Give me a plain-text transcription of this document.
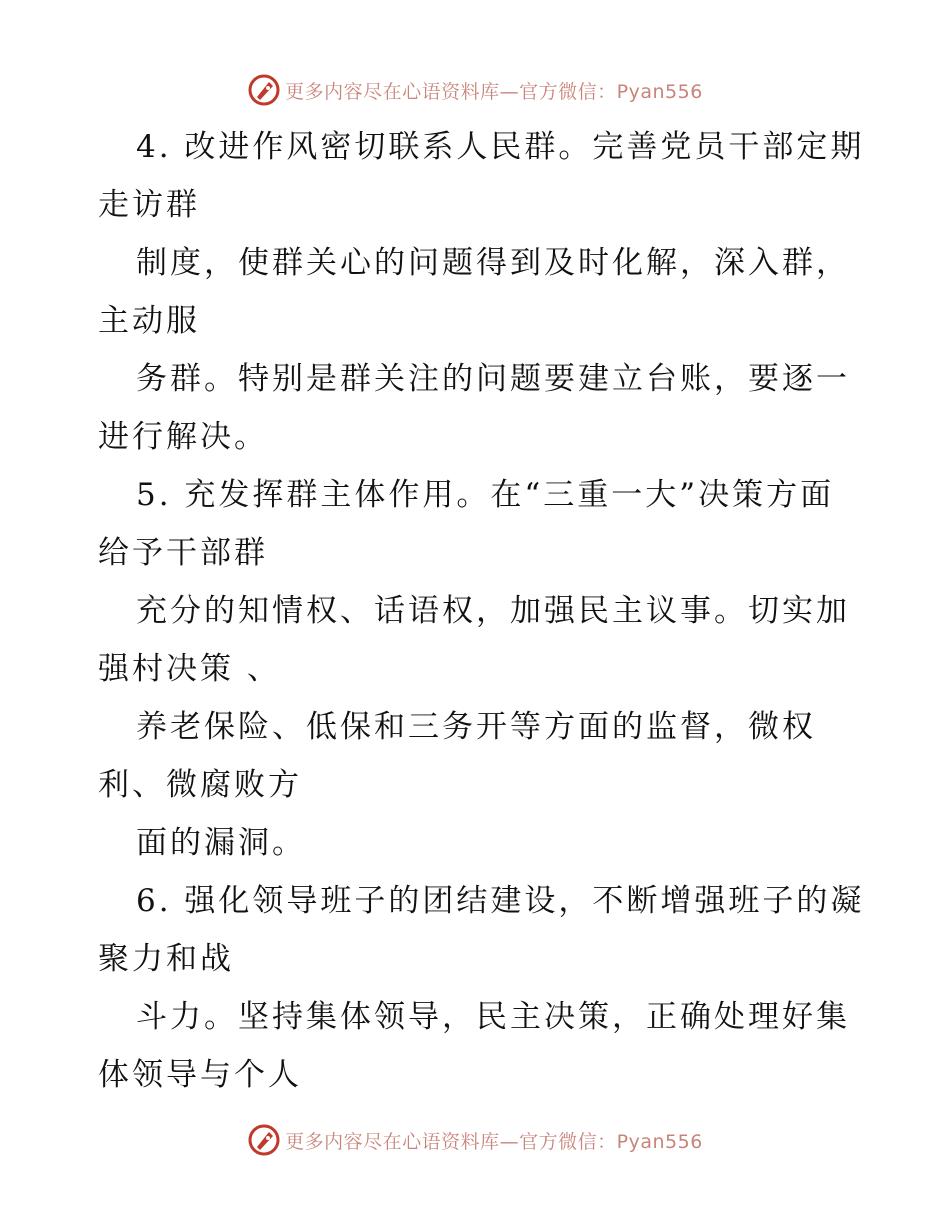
更多内容尽在心语资料库—官方微信：Pyan556
4. 改进作风密切联系人民群。完善党员干部定期
走访群
制度，使群关心的问题得到及时化解，深入群，
主动服
务群。特别是群关注的问题要建立台账，要逐一
进行解决。
5. 充发挥群主体作用。在“三重一大”决策方面
给予干部群
充分的知情权、话语权，加强民主议事。切实加
强村决策 、
养老保险、低保和三务开等方面的监督，微权
利、微腐败方
面的漏洞。
6. 强化领导班子的团结建设，不断增强班子的凝
聚力和战
斗力。坚持集体领导，民主决策，正确处理好集
体领导与个人
更多内容尽在心语资料库—官方微信：Pyan556
